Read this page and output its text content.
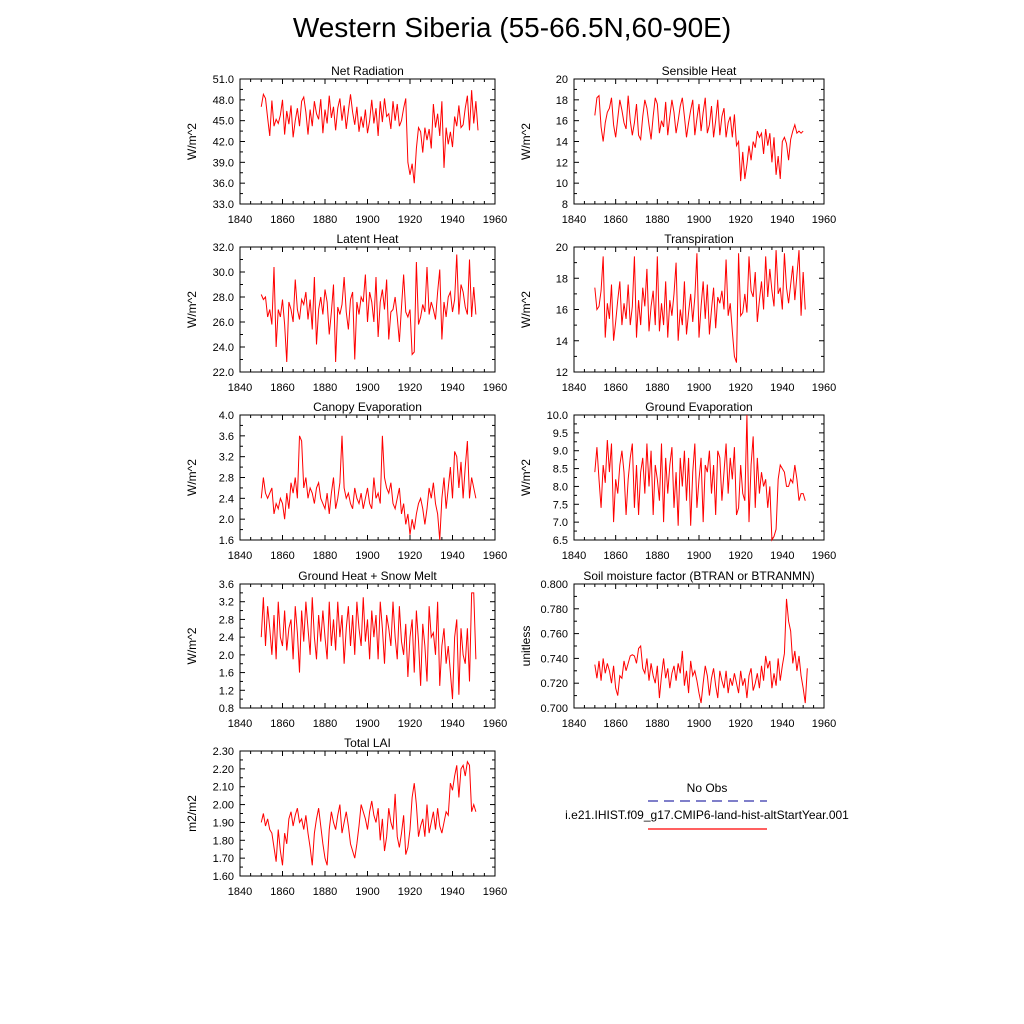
Western Siberia (55-66.5N,60-90E)
Net Radiation
W/m^2
1840 1860 1880 1900 1920 1940 1960
51.0
48.0
45.0
42.0
39.0
36.0
33.0
Sensible Heat
W/m^2
1840 1860 1880 1900 1920 1940 1960
20
18
16
14
12
10
8
Latent Heat
W/m^2
1840 1860 1880 1900 1920 1940 1960
32.0
30.0
28.0
26.0
24.0
22.0
Transpiration
W/m^2
1840 1860 1880 1900 1920 1940 1960
20
18
16
14
12
Canopy Evaporation
W/m^2
1840 1860 1880 1900 1920 1940 1960
4.0
3.6
3.2
2.8
2.4
2.0
1.6
Ground Evaporation
W/m^2
1840 1860 1880 1900 1920 1940 1960
10.0
9.5
9.0
8.5
8.0
7.5
7.0
6.5
Ground Heat + Snow Melt
W/m^2
1840 1860 1880 1900 1920 1940 1960
3.6
3.2
2.8
2.4
2.0
1.6
1.2
0.8
Soil moisture factor (BTRAN or BTRANMN)
unitless
1840 1860 1880 1900 1920 1940 1960
0.800
0.780
0.760
0.740
0.720
0.700
Total LAI
m2/m2
1840 1860 1880 1900 1920 1940 1960
2.30
2.20
2.10
2.00
1.90
1.80
1.70
1.60
No Obs
i.e21.IHIST.f09_g17.CMIP6-land-hist-altStartYear.001
